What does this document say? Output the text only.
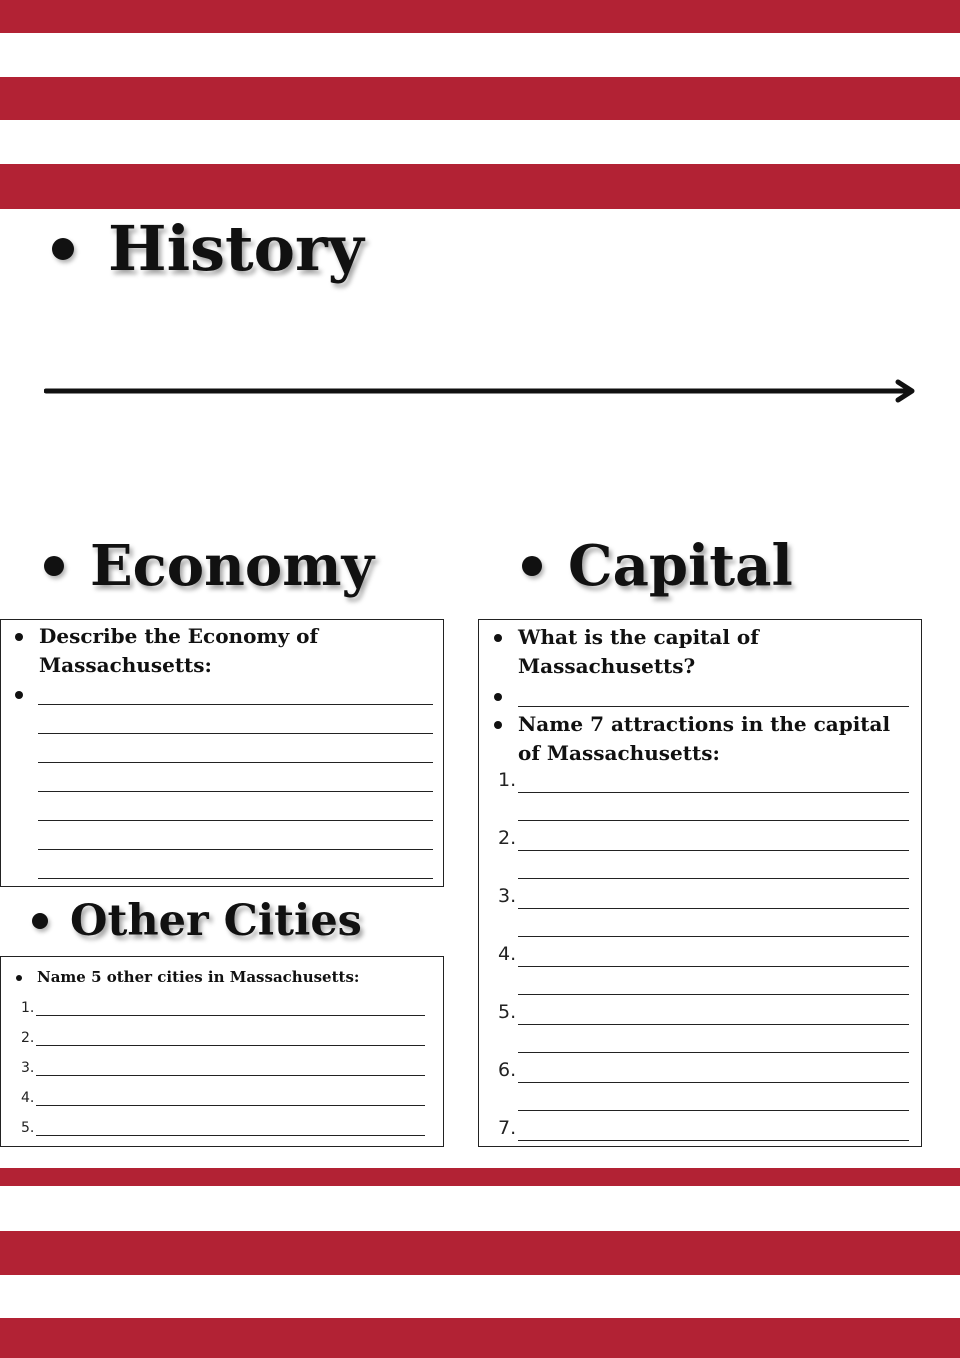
History
Economy	Capital
Describe the Economy of Massachusetts:
Other Cities
Name 5 other cities in Massachusetts:
1.
2.
3.
4.
5.
What is the capital of Massachusetts?
Name 7 attractions in the capital of Massachusetts:
1.
2.
3.
4.
5.
6.
7.
